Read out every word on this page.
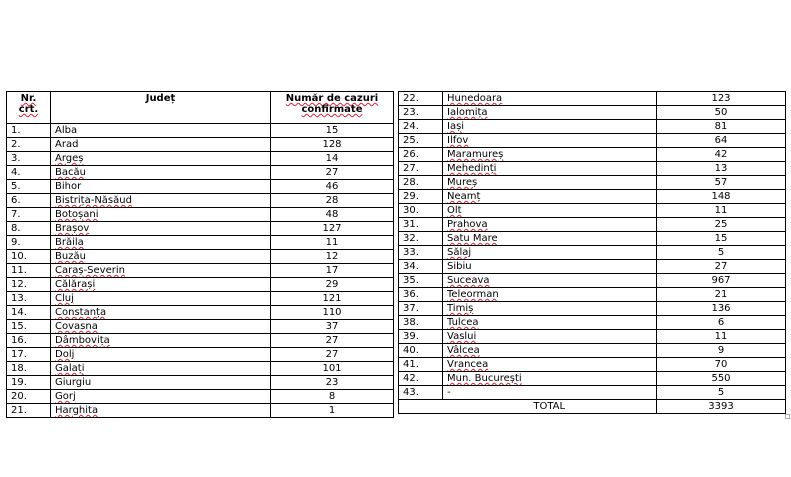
Nr. crt.	Județ	Număr de cazuri confirmate
1.	Alba	15
2.	Arad	128
3.	Argeș	14
4.	Bacău	27
5.	Bihor	46
6.	Bistrița-Năsăud	28
7.	Botoșani	48
8.	Brașov	127
9.	Brăila	11
10.	Buzău	12
11.	Caraș-Severin	17
12.	Călărași	29
13.	Cluj	121
14.	Constanța	110
15.	Covasna	37
16.	Dâmbovița	27
17.	Dolj	27
18.	Galați	101
19.	Giurgiu	23
20.	Gorj	8
21.	Harghita	1
22.	Hunedoara	123
23.	Ialomița	50
24.	Iași	81
25.	Ilfov	64
26.	Maramureș	42
27.	Mehedinți	13
28.	Mureș	57
29.	Neamț	148
30.	Olt	11
31.	Prahova	25
32.	Satu Mare	15
33.	Sălaj	5
34.	Sibiu	27
35.	Suceava	967
36.	Teleorman	21
37.	Timiș	136
38.	Tulcea	6
39.	Vaslui	11
40.	Vâlcea	9
41.	Vrancea	70
42.	Mun. București	550
43.	-	5
	TOTAL	3393
